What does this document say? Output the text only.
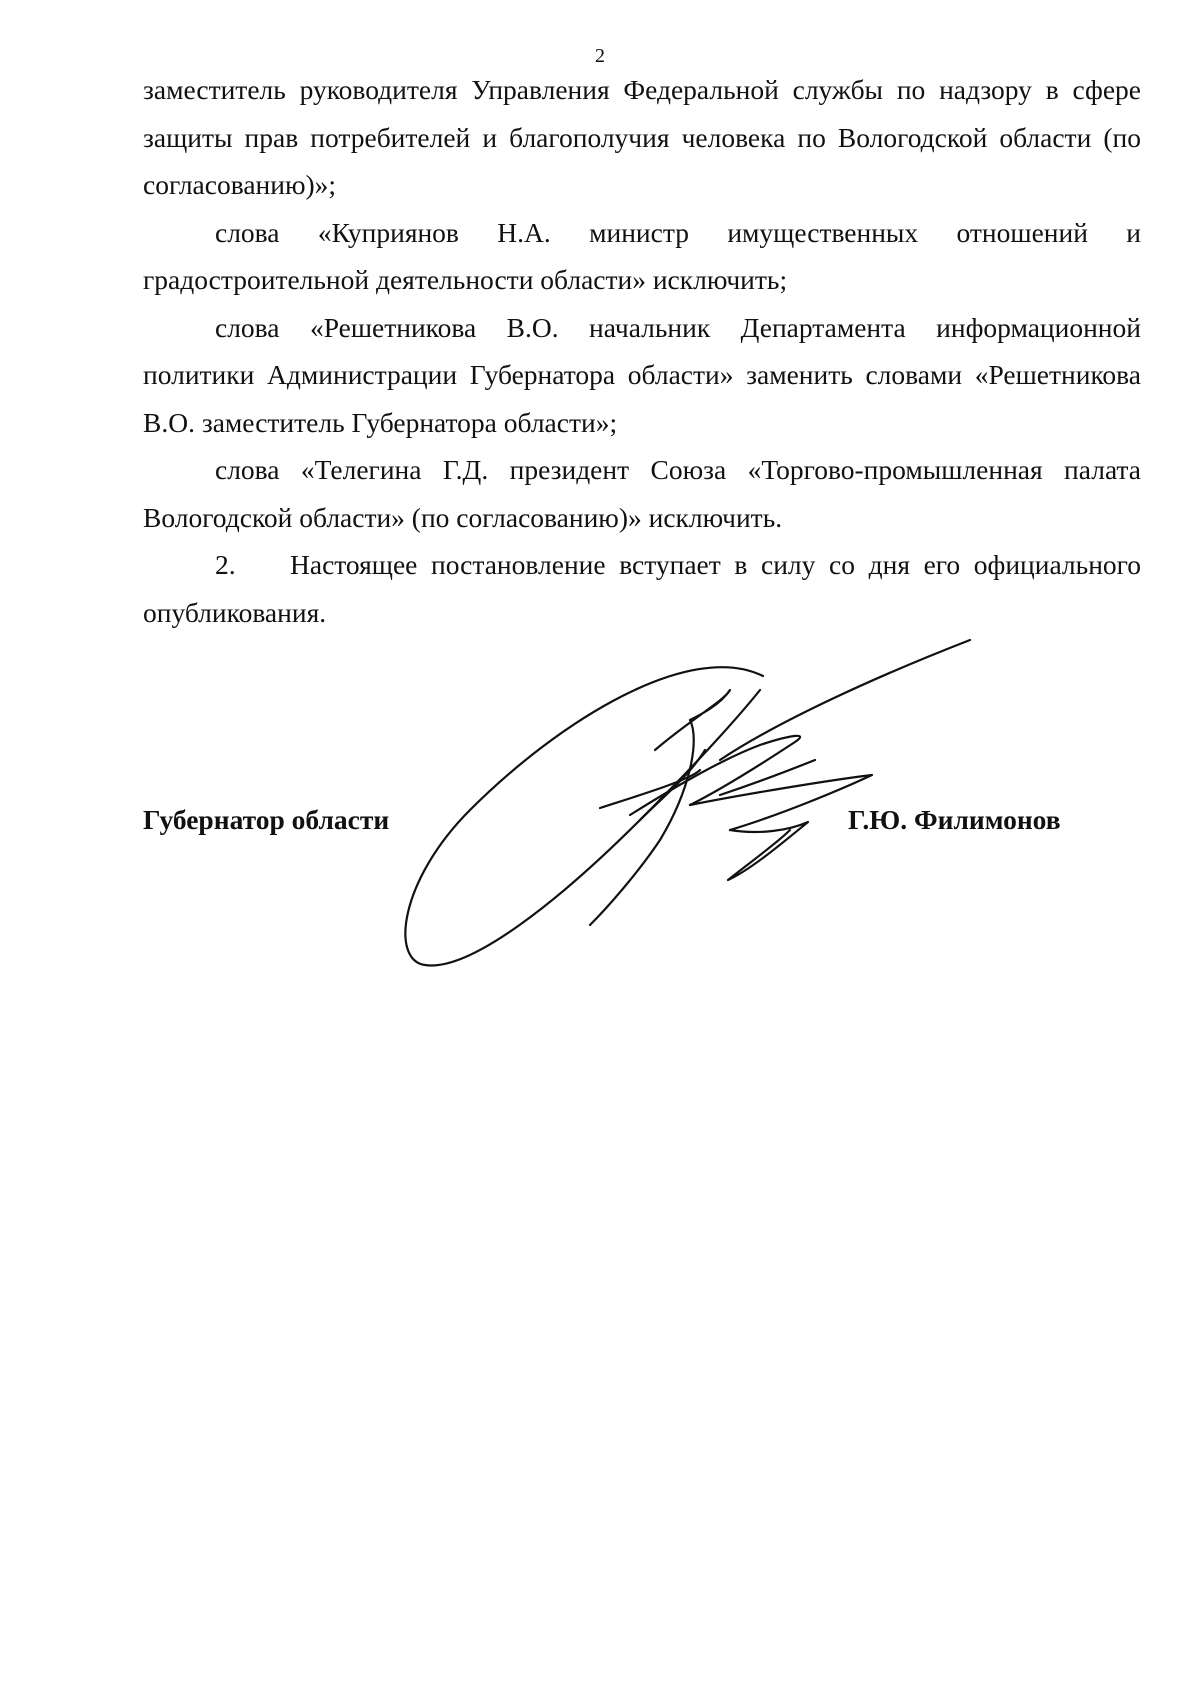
2

заместитель руководителя Управления Федеральной службы по надзору в сфере защиты прав потребителей и благополучия человека по Вологодской области (по согласованию)»;

слова «Куприянов Н.А. министр имущественных отношений и градостроительной деятельности области» исключить;

слова «Решетникова В.О. начальник Департамента информационной политики Администрации Губернатора области» заменить словами «Решетникова В.О. заместитель Губернатора области»;

слова «Телегина Г.Д. президент Союза «Торгово-промышленная палата Вологодской области» (по согласованию)» исключить.

2. Настоящее постановление вступает в силу со дня его официального опубликования.

Губернатор области	Г.Ю. Филимонов
